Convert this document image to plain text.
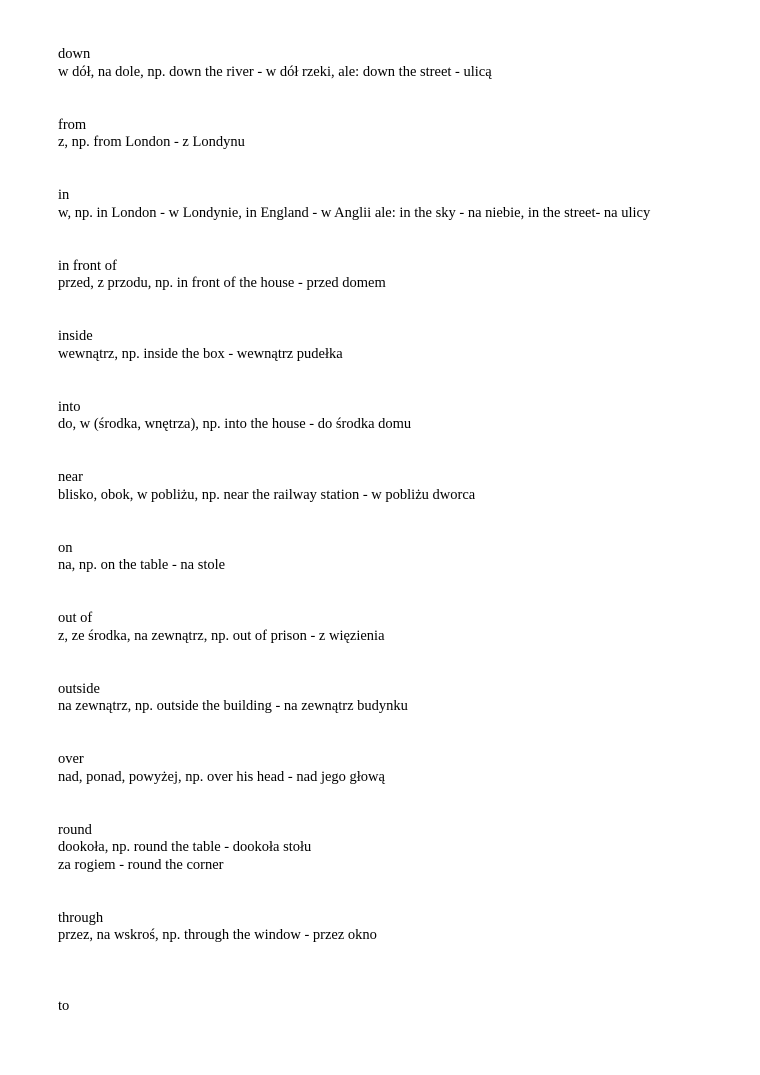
down
w dół, na dole, np. down the river - w dół rzeki, ale: down the street - ulicą
from
z, np. from London - z Londynu
in
w, np. in London - w Londynie, in England - w Anglii ale: in the sky - na niebie, in the street- na ulicy
in front of
przed, z przodu, np. in front of the house - przed domem
inside
wewnątrz, np. inside the box - wewnątrz pudełka
into
do, w (środka, wnętrza), np. into the house - do środka domu
near
blisko, obok, w pobliżu, np. near the railway station - w pobliżu dworca
on
na, np. on the table - na stole
out of
z, ze środka, na zewnątrz, np. out of prison - z więzienia
outside
na zewnątrz, np. outside the building - na zewnątrz budynku
over
nad, ponad, powyżej, np. over his head - nad jego głową
round
dookoła, np. round the table - dookoła stołu
za rogiem - round the corner
through
przez, na wskroś, np. through the window - przez okno
to
